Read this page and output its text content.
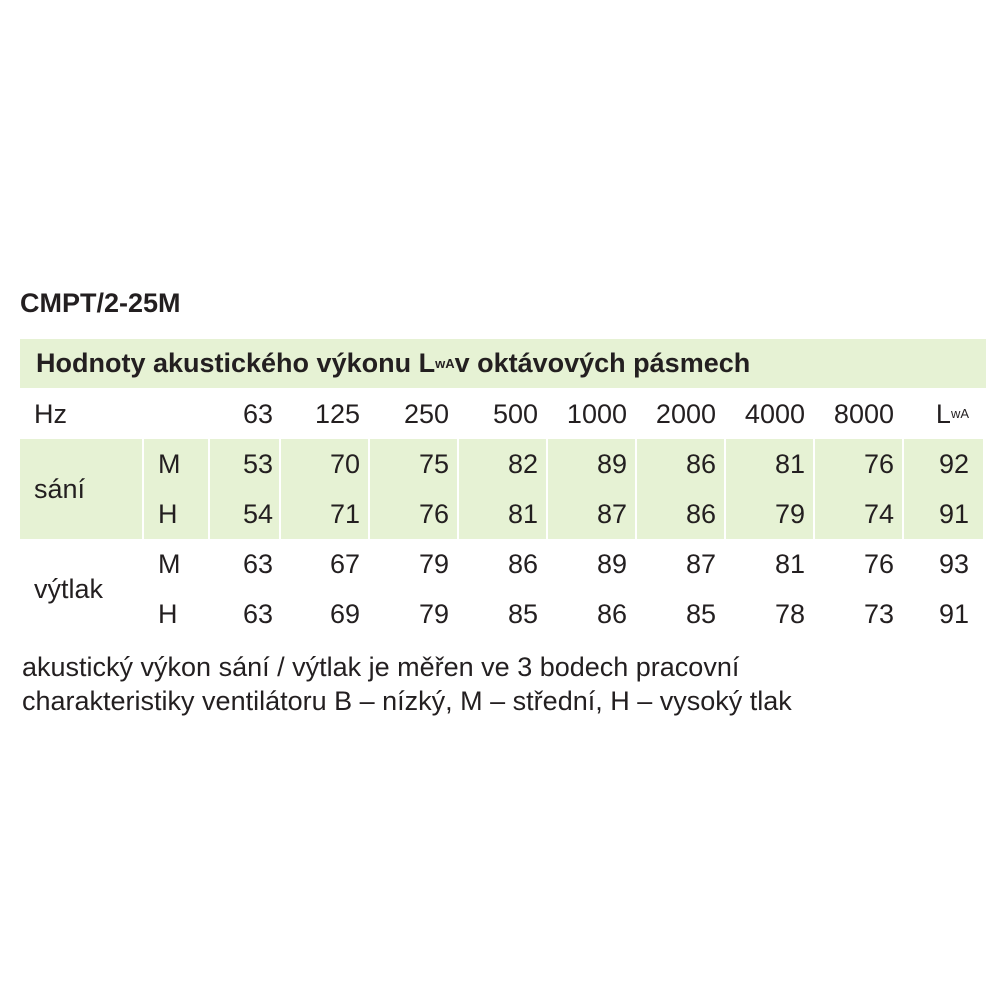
CMPT/2-25M
Hodnoty akustického výkonu L wA v oktávových pásmech
Hz	63	125	250	500	1000	2000	4000	8000 L wA
sání
M	53	70	75	82	89	86	81	76	92
H	54	71	76	81	87	86	79	74	91
výtlak
M	63	67	79	86	89	87	81	76	93
H	63	69	79	85	86	85	78	73	91
akustický výkon sání / výtlak je měřen ve 3 bodech pracovní
charakteristiky ventilátoru B – nízký, M – střední, H – vysoký tlak
